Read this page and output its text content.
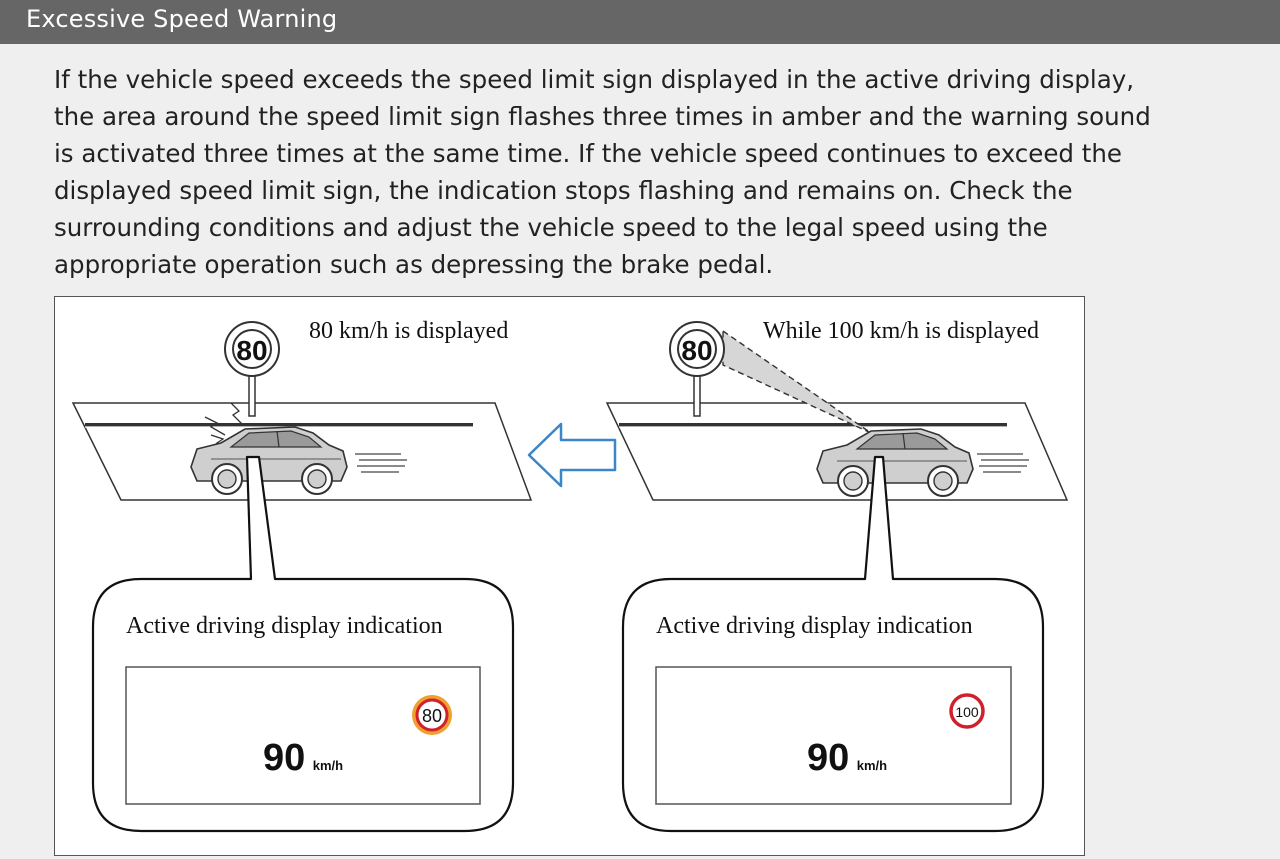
Excessive Speed Warning

If the vehicle speed exceeds the speed limit sign displayed in the active driving display,
the area around the speed limit sign flashes three times in amber and the warning sound
is activated three times at the same time. If the vehicle speed continues to exceed the
displayed speed limit sign, the indication stops flashing and remains on. Check the
surrounding conditions and adjust the vehicle speed to the legal speed using the
appropriate operation such as depressing the brake pedal.

80
80 km/h is displayed
Active driving display indication
80
90 km/h
80
While 100 km/h is displayed
Active driving display indication
100
90 km/h
